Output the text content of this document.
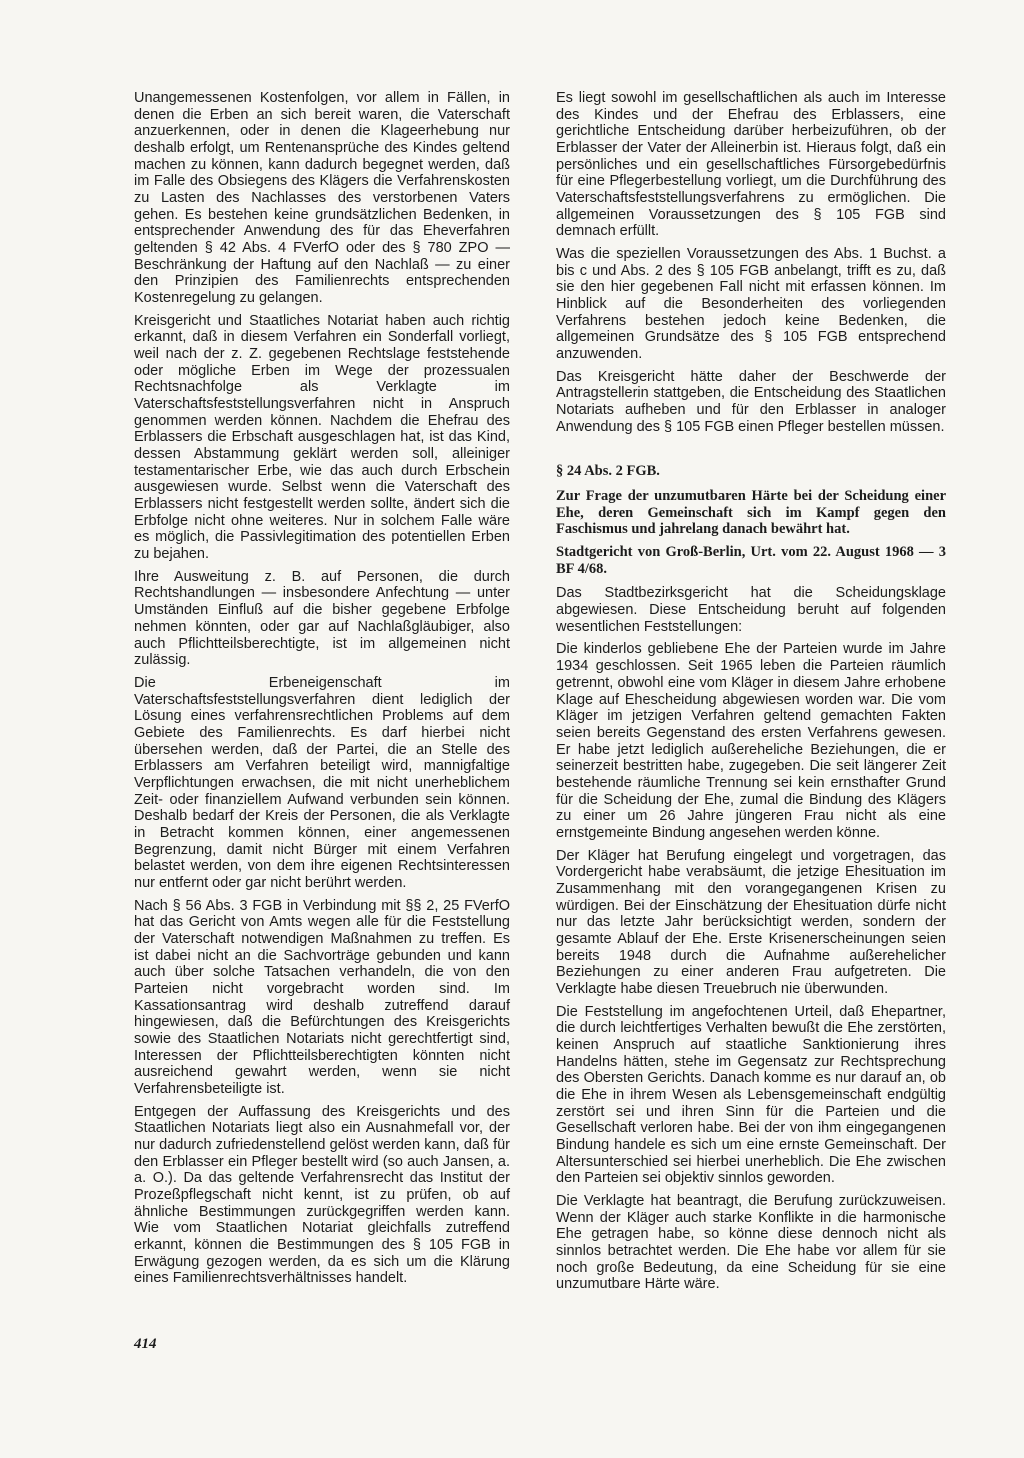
Unangemessenen Kostenfolgen, vor allem in Fällen, in denen die Erben an sich bereit waren, die Vaterschaft anzuerkennen, oder in denen die Klageerhebung nur deshalb erfolgt, um Rentenansprüche des Kindes geltend machen zu können, kann dadurch begegnet werden, daß im Falle des Obsiegens des Klägers die Verfahrenskosten zu Lasten des Nachlasses des verstorbenen Vaters gehen. Es bestehen keine grundsätzlichen Bedenken, in entsprechender Anwendung des für das Eheverfahren geltenden § 42 Abs. 4 FVerfO oder des § 780 ZPO — Beschränkung der Haftung auf den Nachlaß — zu einer den Prinzipien des Familienrechts entsprechenden Kostenregelung zu gelangen.

Kreisgericht und Staatliches Notariat haben auch richtig erkannt, daß in diesem Verfahren ein Sonderfall vorliegt, weil nach der z. Z. gegebenen Rechtslage feststehende oder mögliche Erben im Wege der prozessualen Rechtsnachfolge als Verklagte im Vaterschaftsfeststellungsverfahren nicht in Anspruch genommen werden können. Nachdem die Ehefrau des Erblassers die Erbschaft ausgeschlagen hat, ist das Kind, dessen Abstammung geklärt werden soll, alleiniger testamentarischer Erbe, wie das auch durch Erbschein ausgewiesen wurde. Selbst wenn die Vaterschaft des Erblassers nicht festgestellt werden sollte, ändert sich die Erbfolge nicht ohne weiteres. Nur in solchem Falle wäre es möglich, die Passivlegitimation des potentiellen Erben zu bejahen.

Ihre Ausweitung z. B. auf Personen, die durch Rechtshandlungen — insbesondere Anfechtung — unter Umständen Einfluß auf die bisher gegebene Erbfolge nehmen könnten, oder gar auf Nachlaßgläubiger, also auch Pflichtteilsberechtigte, ist im allgemeinen nicht zulässig.

Die Erbeneigenschaft im Vaterschaftsfeststellungsverfahren dient lediglich der Lösung eines verfahrensrechtlichen Problems auf dem Gebiete des Familienrechts. Es darf hierbei nicht übersehen werden, daß der Partei, die an Stelle des Erblassers am Verfahren beteiligt wird, mannigfaltige Verpflichtungen erwachsen, die mit nicht unerheblichem Zeit- oder finanziellem Aufwand verbunden sein können. Deshalb bedarf der Kreis der Personen, die als Verklagte in Betracht kommen können, einer angemessenen Begrenzung, damit nicht Bürger mit einem Verfahren belastet werden, von dem ihre eigenen Rechtsinteressen nur entfernt oder gar nicht berührt werden.

Nach § 56 Abs. 3 FGB in Verbindung mit §§ 2, 25 FVerfO hat das Gericht von Amts wegen alle für die Feststellung der Vaterschaft notwendigen Maßnahmen zu treffen. Es ist dabei nicht an die Sachvorträge gebunden und kann auch über solche Tatsachen verhandeln, die von den Parteien nicht vorgebracht worden sind. Im Kassationsantrag wird deshalb zutreffend darauf hingewiesen, daß die Befürchtungen des Kreisgerichts sowie des Staatlichen Notariats nicht gerechtfertigt sind, Interessen der Pflichtteilsberechtigten könnten nicht ausreichend gewahrt werden, wenn sie nicht Verfahrensbeteiligte ist.

Entgegen der Auffassung des Kreisgerichts und des Staatlichen Notariats liegt also ein Ausnahmefall vor, der nur dadurch zufriedenstellend gelöst werden kann, daß für den Erblasser ein Pfleger bestellt wird (so auch Jansen, a. a. O.). Da das geltende Verfahrensrecht das Institut der Prozeßpflegschaft nicht kennt, ist zu prüfen, ob auf ähnliche Bestimmungen zurückgegriffen werden kann. Wie vom Staatlichen Notariat gleichfalls zutreffend erkannt, können die Bestimmungen des § 105 FGB in Erwägung gezogen werden, da es sich um die Klärung eines Familienrechtsverhältnisses handelt.

Es liegt sowohl im gesellschaftlichen als auch im Interesse des Kindes und der Ehefrau des Erblassers, eine gerichtliche Entscheidung darüber herbeizuführen, ob der Erblasser der Vater der Alleinerbin ist. Hieraus folgt, daß ein persönliches und ein gesellschaftliches Fürsorgebedürfnis für eine Pflegerbestellung vorliegt, um die Durchführung des Vaterschaftsfeststellungsverfahrens zu ermöglichen. Die allgemeinen Voraussetzungen des § 105 FGB sind demnach erfüllt.

Was die speziellen Voraussetzungen des Abs. 1 Buchst. a bis c und Abs. 2 des § 105 FGB anbelangt, trifft es zu, daß sie den hier gegebenen Fall nicht mit erfassen können. Im Hinblick auf die Besonderheiten des vorliegenden Verfahrens bestehen jedoch keine Bedenken, die allgemeinen Grundsätze des § 105 FGB entsprechend anzuwenden.

Das Kreisgericht hätte daher der Beschwerde der Antragstellerin stattgeben, die Entscheidung des Staatlichen Notariats aufheben und für den Erblasser in analoger Anwendung des § 105 FGB einen Pfleger bestellen müssen.

§ 24 Abs. 2 FGB.
Zur Frage der unzumutbaren Härte bei der Scheidung einer Ehe, deren Gemeinschaft sich im Kampf gegen den Faschismus und jahrelang danach bewährt hat.
Stadtgericht von Groß-Berlin, Urt. vom 22. August 1968 — 3 BF 4/68.

Das Stadtbezirksgericht hat die Scheidungsklage abgewiesen. Diese Entscheidung beruht auf folgenden wesentlichen Feststellungen:

Die kinderlos gebliebene Ehe der Parteien wurde im Jahre 1934 geschlossen. Seit 1965 leben die Parteien räumlich getrennt, obwohl eine vom Kläger in diesem Jahre erhobene Klage auf Ehescheidung abgewiesen worden war. Die vom Kläger im jetzigen Verfahren geltend gemachten Fakten seien bereits Gegenstand des ersten Verfahrens gewesen. Er habe jetzt lediglich außereheliche Beziehungen, die er seinerzeit bestritten habe, zugegeben. Die seit längerer Zeit bestehende räumliche Trennung sei kein ernsthafter Grund für die Scheidung der Ehe, zumal die Bindung des Klägers zu einer um 26 Jahre jüngeren Frau nicht als eine ernstgemeinte Bindung angesehen werden könne.

Der Kläger hat Berufung eingelegt und vorgetragen, das Vordergericht habe verabsäumt, die jetzige Ehesituation im Zusammenhang mit den vorangegangenen Krisen zu würdigen. Bei der Einschätzung der Ehesituation dürfe nicht nur das letzte Jahr berücksichtigt werden, sondern der gesamte Ablauf der Ehe. Erste Krisenerscheinungen seien bereits 1948 durch die Aufnahme außerehelicher Beziehungen zu einer anderen Frau aufgetreten. Die Verklagte habe diesen Treuebruch nie überwunden.

Die Feststellung im angefochtenen Urteil, daß Ehepartner, die durch leichtfertiges Verhalten bewußt die Ehe zerstörten, keinen Anspruch auf staatliche Sanktionierung ihres Handelns hätten, stehe im Gegensatz zur Rechtsprechung des Obersten Gerichts. Danach komme es nur darauf an, ob die Ehe in ihrem Wesen als Lebensgemeinschaft endgültig zerstört sei und ihren Sinn für die Parteien und die Gesellschaft verloren habe. Bei der von ihm eingegangenen Bindung handele es sich um eine ernste Gemeinschaft. Der Altersunterschied sei hierbei unerheblich. Die Ehe zwischen den Parteien sei objektiv sinnlos geworden.

Die Verklagte hat beantragt, die Berufung zurückzuweisen. Wenn der Kläger auch starke Konflikte in die harmonische Ehe getragen habe, so könne diese dennoch nicht als sinnlos betrachtet werden. Die Ehe habe vor allem für sie noch große Bedeutung, da eine Scheidung für sie eine unzumutbare Härte wäre.

414
